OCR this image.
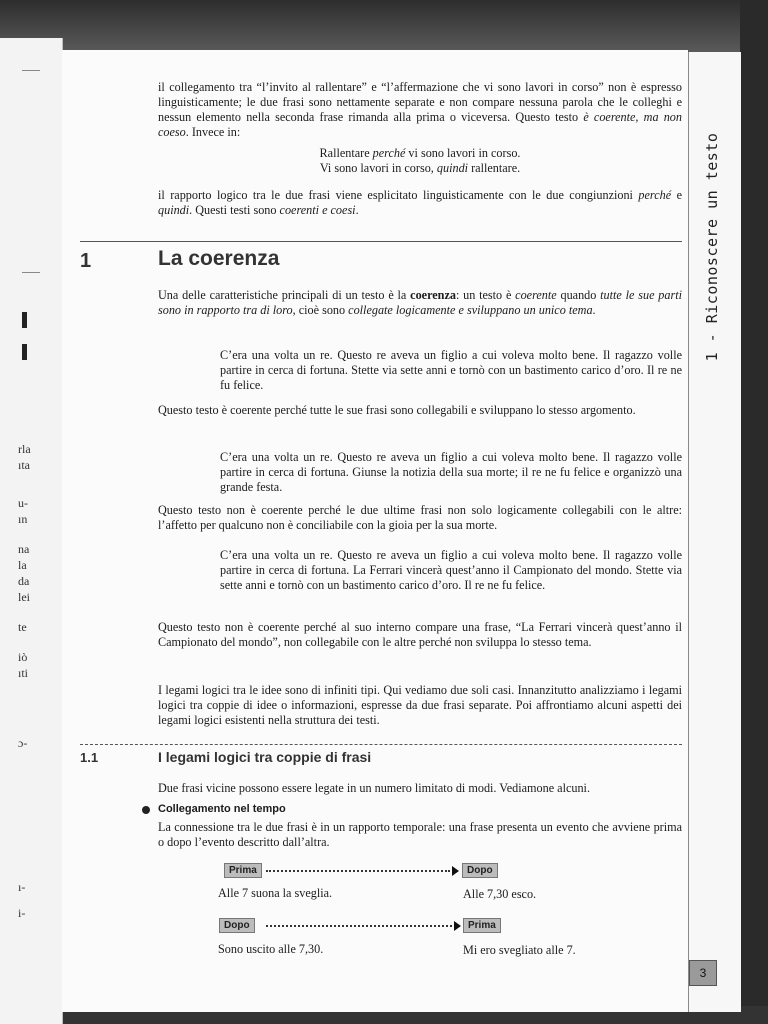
rla
ıta
u-
ın
na
la
da
lei
te
iò
ıti
ɔ-
ı-
i-
1 - Riconoscere un testo
3
il collegamento tra “l’invito al rallentare” e “l’affermazione che vi sono lavori in corso” non è espresso linguisticamente; le due frasi sono nettamente separate e non compare nessuna parola che le colleghi e nessun elemento nella seconda frase rimanda alla prima o viceversa. Questo testo è coerente, ma non coeso. Invece in:
Rallentare perché vi sono lavori in corso.
Vi sono lavori in corso, quindi rallentare.
il rapporto logico tra le due frasi viene esplicitato linguisticamente con le due congiunzioni perché e quindi. Questi testi sono coerenti e coesi.
1	La coerenza
Una delle caratteristiche principali di un testo è la coerenza: un testo è coerente quando tutte le sue parti sono in rapporto tra di loro, cioè sono collegate logicamente e sviluppano un unico tema.
C’era una volta un re. Questo re aveva un figlio a cui voleva molto bene. Il ragazzo volle partire in cerca di fortuna. Stette via sette anni e tornò con un bastimento carico d’oro. Il re ne fu felice.
Questo testo è coerente perché tutte le sue frasi sono collegabili e sviluppano lo stesso argomento.
C’era una volta un re. Questo re aveva un figlio a cui voleva molto bene. Il ragazzo volle partire in cerca di fortuna. Giunse la notizia della sua morte; il re ne fu felice e organizzò una grande festa.
Questo testo non è coerente perché le due ultime frasi non solo logicamente collegabili con le altre: l’affetto per qualcuno non è conciliabile con la gioia per la sua morte.
C’era una volta un re. Questo re aveva un figlio a cui voleva molto bene. Il ragazzo volle partire in cerca di fortuna. La Ferrari vincerà quest’anno il Campionato del mondo. Stette via sette anni e tornò con un bastimento carico d’oro. Il re ne fu felice.
Questo testo non è coerente perché al suo interno compare una frase, “La Ferrari vincerà quest’anno il Campionato del mondo”, non collegabile con le altre perché non sviluppa lo stesso tema.
I legami logici tra le idee sono di infiniti tipi. Qui vediamo due soli casi. Innanzitutto analizziamo i legami logici tra coppie di idee o informazioni, espresse da due frasi separate. Poi affrontiamo alcuni aspetti dei legami logici esistenti nella struttura dei testi.
1.1	I legami logici tra coppie di frasi
Due frasi vicine possono essere legate in un numero limitato di modi. Vediamone alcuni.
Collegamento nel tempo
La connessione tra le due frasi è in un rapporto temporale: una frase presenta un evento che avviene prima o dopo l’evento descritto dall’altra.
Prima	Dopo
Alle 7 suona la sveglia.	Alle 7,30 esco.
Dopo	Prima
Sono uscito alle 7,30.	Mi ero svegliato alle 7.
